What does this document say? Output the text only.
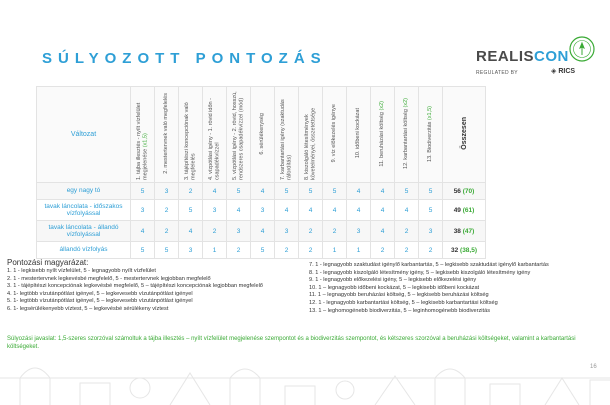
SÚLYOZOTT PONTOZÁS	REALISCON
REGULATED BY	◈ RICS
Változat	1. tájba illesztés - nyílt vízfelület megjelenése (x1,5)	2. mestertervnek való megfelelés	3. tájépítészi koncepciónak való megfelelés	4. vízpótlási igény - 1. rövid időn - csapadékvízzel	5. vízpótlási igény - 2. rövid, hosszú, rendszeres csapadékvízzel (mód)	6. sérülékenység	7. karbantartási igény (szaktudás ráfordítás)	8. kiszolgáló létesítmények követelményei, összetettsége	9. víz előkezelés igénye	10. időbeni kockázat	11. beruházási költség (x2)	12. karbantartási költség (x2)	13. Biodiverzitás (x1,5)	Összesen
egy nagy tó	5	3	2	4	5	4	5	5	5	4	4	5	5	56 (70)
tavak láncolata - időszakos vízfolyással	3	2	5	3	4	3	4	4	4	4	4	4	5	49 (61)
tavak láncolata - állandó vízfolyással	4	2	4	2	3	4	3	2	2	3	4	2	3	38 (47)
állandó vízfolyás	5	5	3	1	2	5	2	2	1	1	2	2	2	32 (38,5)
Pontozási magyarázat:
1. 1 - legkisebb nyílt vízfelület, 5 - legnagyobb nyílt vízfelület
2. 1 - mestertervnek legkevésbé megfelelő, 5 - mestertervnek legjobban megfelelő
3. 1 - tájépítészi koncepciónak legkevésbé megfelelő, 5 – tájépítészi koncepciónak legjobban megfelelő
4. 1- legtöbb vízutánpótlást igényel, 5 – legkevesebb vízutánpótlást igényel
5. 1- legtöbb vízutánpótlást igényel, 5 – legkevesebb vízutánpótlást igényel
6. 1- legsérülékenyebb víztest, 5 – legkevésbé sérülékeny víztest
7. 1 - legnagyobb szaktudást igénylő karbantartás, 5 – legkisebb szaktudást igénylő karbantartás
8. 1 - legnagyobb kiszolgáló létesítmény igény, 5 – legkisebb kiszolgáló létesítmény igény
9. 1 - legnagyobb előkezelési igény, 5 – legkisebb előkezelési igény
10. 1 – legnagyobb időbeni kockázat, 5 – legkisebb időbeni kockázat
11. 1 – legnagyobb beruházási költség, 5 – legkisebb beruházási költség
12. 1 - legnagyobb karbantartási költség, 5 – legkisebb karbantartási költség
13. 1 – leghomogénebb biodiverzitás, 5 – leginhomogénebb biodiverzitás
Súlyozási javaslat: 1,5-szeres szorzóval számoltuk a tájba illesztés – nyílt vízfelület megjelenése szempontot és a biodiverzitás szempontot, és kétszeres szorzóval a beruházási költségeket, valamint a karbantartási költségeket.
16
